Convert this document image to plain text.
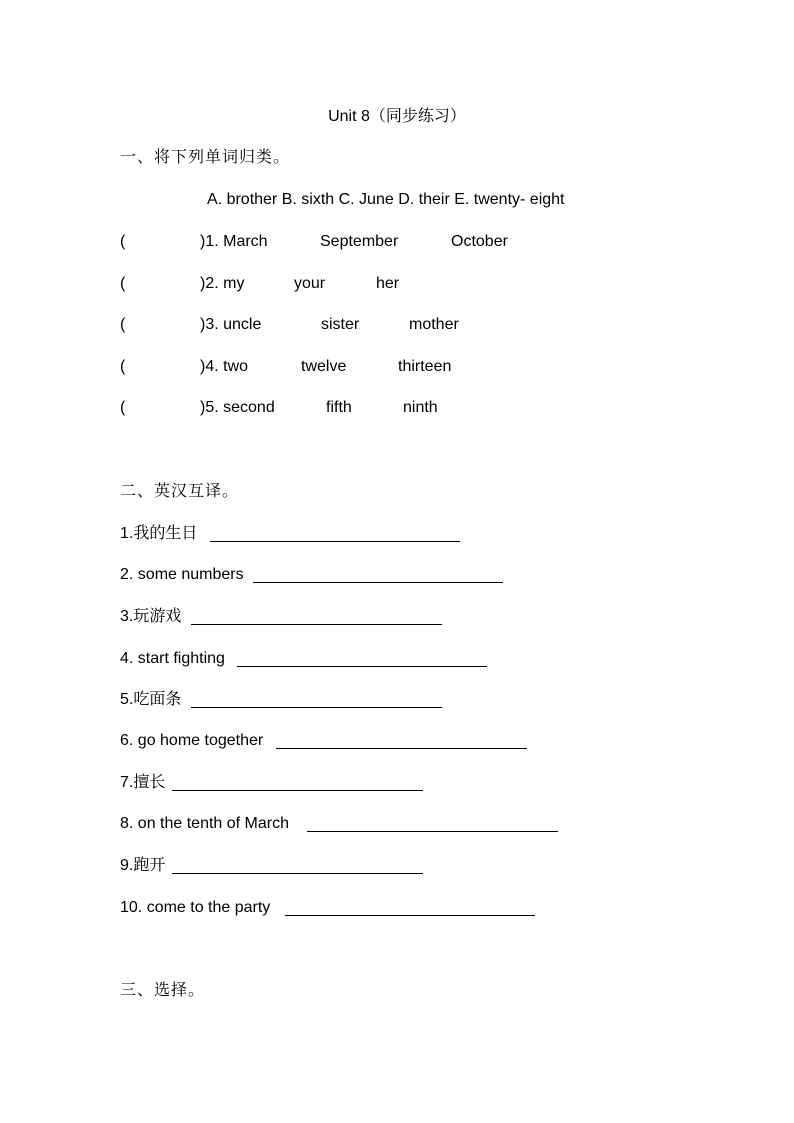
Unit 8（同步练习）
一、将下列单词归类。
A. brother B. sixth C. June D. their E. twenty- eight
(	)1. March	September	October
(	)2. my	your	her
(	)3. uncle	sister	mother
(	)4. two	twelve	thirteen
(	)5. second	fifth	ninth
二、英汉互译。
1.我的生日
2. some numbers
3.玩游戏
4. start fighting
5.吃面条
6. go home together
7.擅长
8. on the tenth of March
9.跑开
10. come to the party
三、选择。
